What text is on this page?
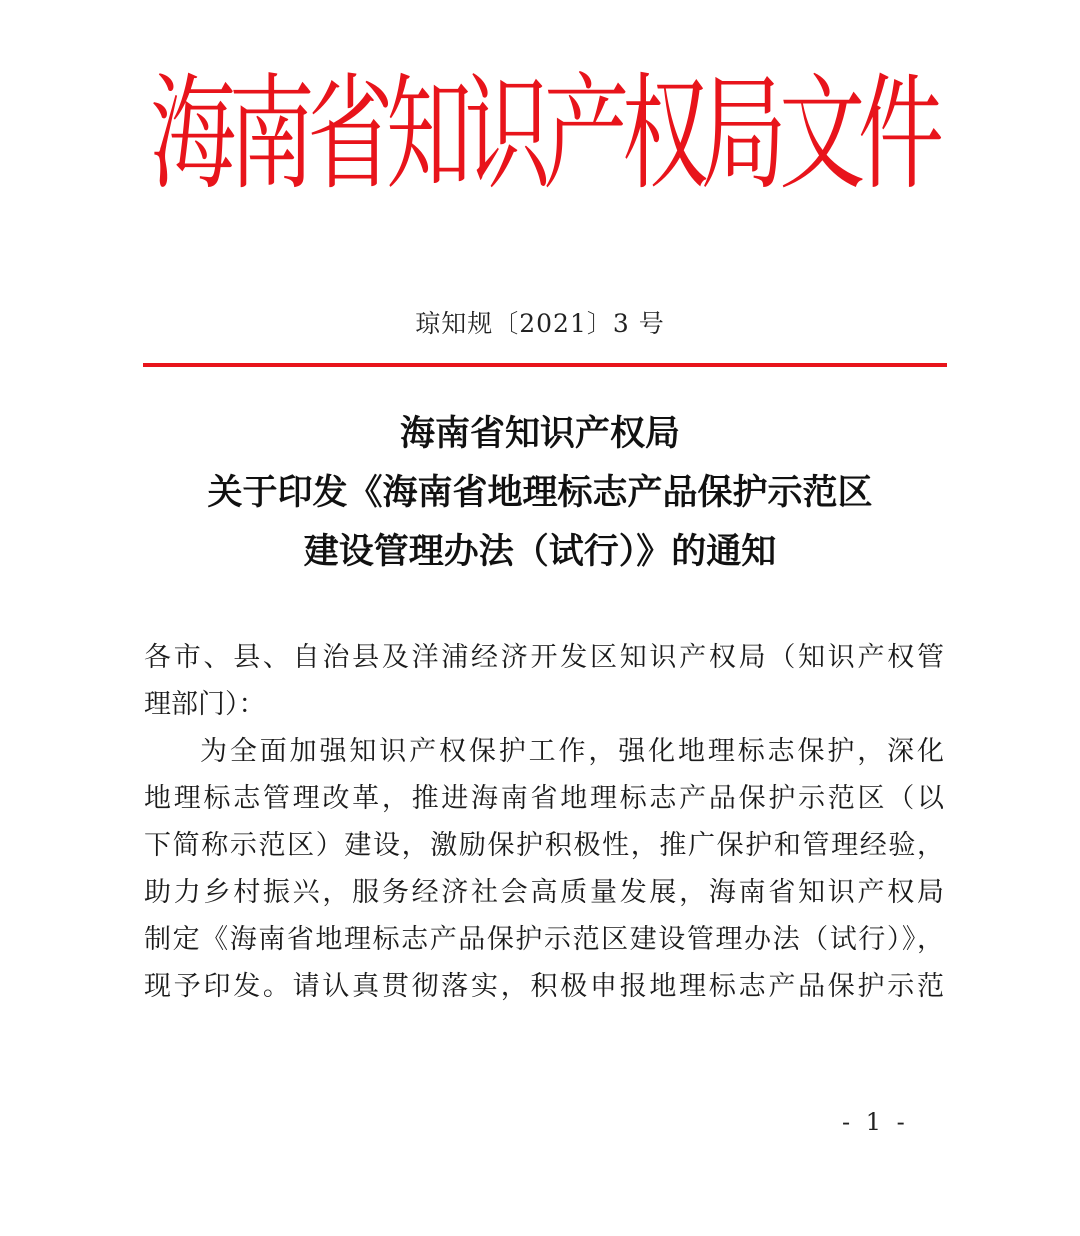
海
南
省
知
识
产
权
局
文
件
琼知规〔2021〕3 号
海南省知识产权局
关于印发《海南省地理标志产品保护示范区
建设管理办法（试行）》的通知
各市、县、自治县及洋浦经济开发区知识产权局（知识产权管
理部门）：
为全面加强知识产权保护工作，强化地理标志保护，深化
地理标志管理改革，推进海南省地理标志产品保护示范区（以
下简称示范区）建设，激励保护积极性，推广保护和管理经验，
助力乡村振兴，服务经济社会高质量发展，海南省知识产权局
制定《海南省地理标志产品保护示范区建设管理办法（试行）》，
现予印发。请认真贯彻落实，积极申报地理标志产品保护示范
- 1 -
